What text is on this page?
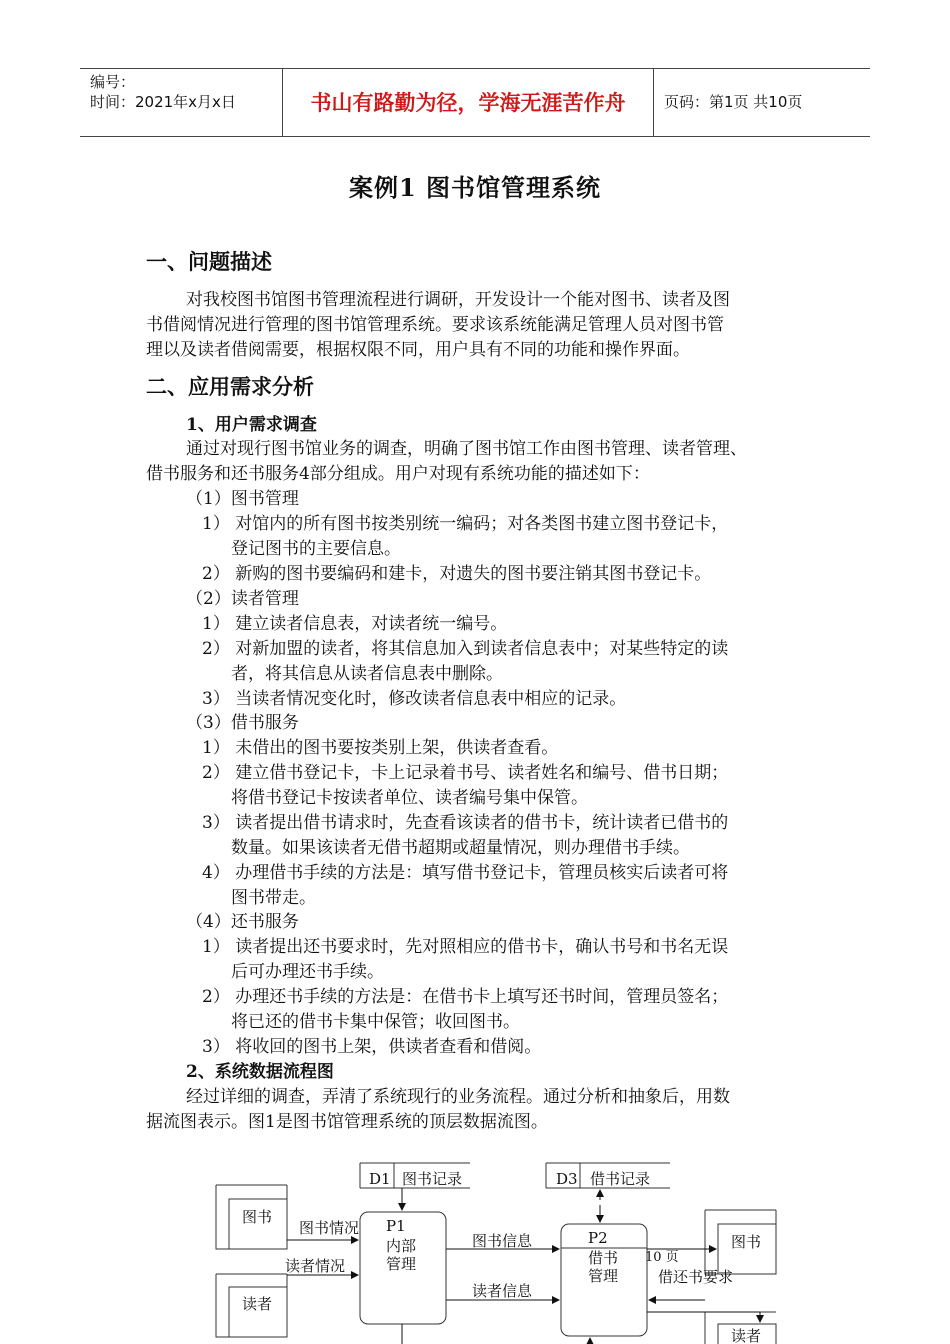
编号：
时间：2021年x月x日	书山有路勤为径，学海无涯苦作舟	页码：第1页 共10页
案例1 图书馆管理系统
一、问题描述
对我校图书馆图书管理流程进行调研，开发设计一个能对图书、读者及图
书借阅情况进行管理的图书馆管理系统。要求该系统能满足管理人员对图书管
理以及读者借阅需要，根据权限不同，用户具有不同的功能和操作界面。
二、应用需求分析
1、用户需求调查
通过对现行图书馆业务的调查，明确了图书馆工作由图书管理、读者管理、
借书服务和还书服务4部分组成。用户对现有系统功能的描述如下：
（1）图书管理
1） 对馆内的所有图书按类别统一编码；对各类图书建立图书登记卡，
登记图书的主要信息。
2） 新购的图书要编码和建卡，对遗失的图书要注销其图书登记卡。
（2）读者管理
1） 建立读者信息表，对读者统一编号。
2） 对新加盟的读者，将其信息加入到读者信息表中；对某些特定的读
者，将其信息从读者信息表中删除。
3） 当读者情况变化时，修改读者信息表中相应的记录。
（3）借书服务
1） 未借出的图书要按类别上架，供读者查看。
2） 建立借书登记卡，卡上记录着书号、读者姓名和编号、借书日期；
将借书登记卡按读者单位、读者编号集中保管。
3） 读者提出借书请求时，先查看该读者的借书卡，统计读者已借书的
数量。如果该读者无借书超期或超量情况，则办理借书手续。
4） 办理借书手续的方法是：填写借书登记卡，管理员核实后读者可将
图书带走。
（4）还书服务
1） 读者提出还书要求时，先对照相应的借书卡，确认书号和书名无误
后可办理还书手续。
2） 办理还书手续的方法是：在借书卡上填写还书时间，管理员签名；
将已还的借书卡集中保管；收回图书。
3） 将收回的图书上架，供读者查看和借阅。
2、系统数据流程图
经过详细的调查，弄清了系统现行的业务流程。通过分析和抽象后，用数
据流图表示。图1是图书馆管理系统的顶层数据流图。
D1 图书记录	D3 借书记录
图书
读者
图书
读者
P1
内部
管理
P2
借书
管理
图书情况
读者情况
图书信息
读者信息
借还书要求
10 页
